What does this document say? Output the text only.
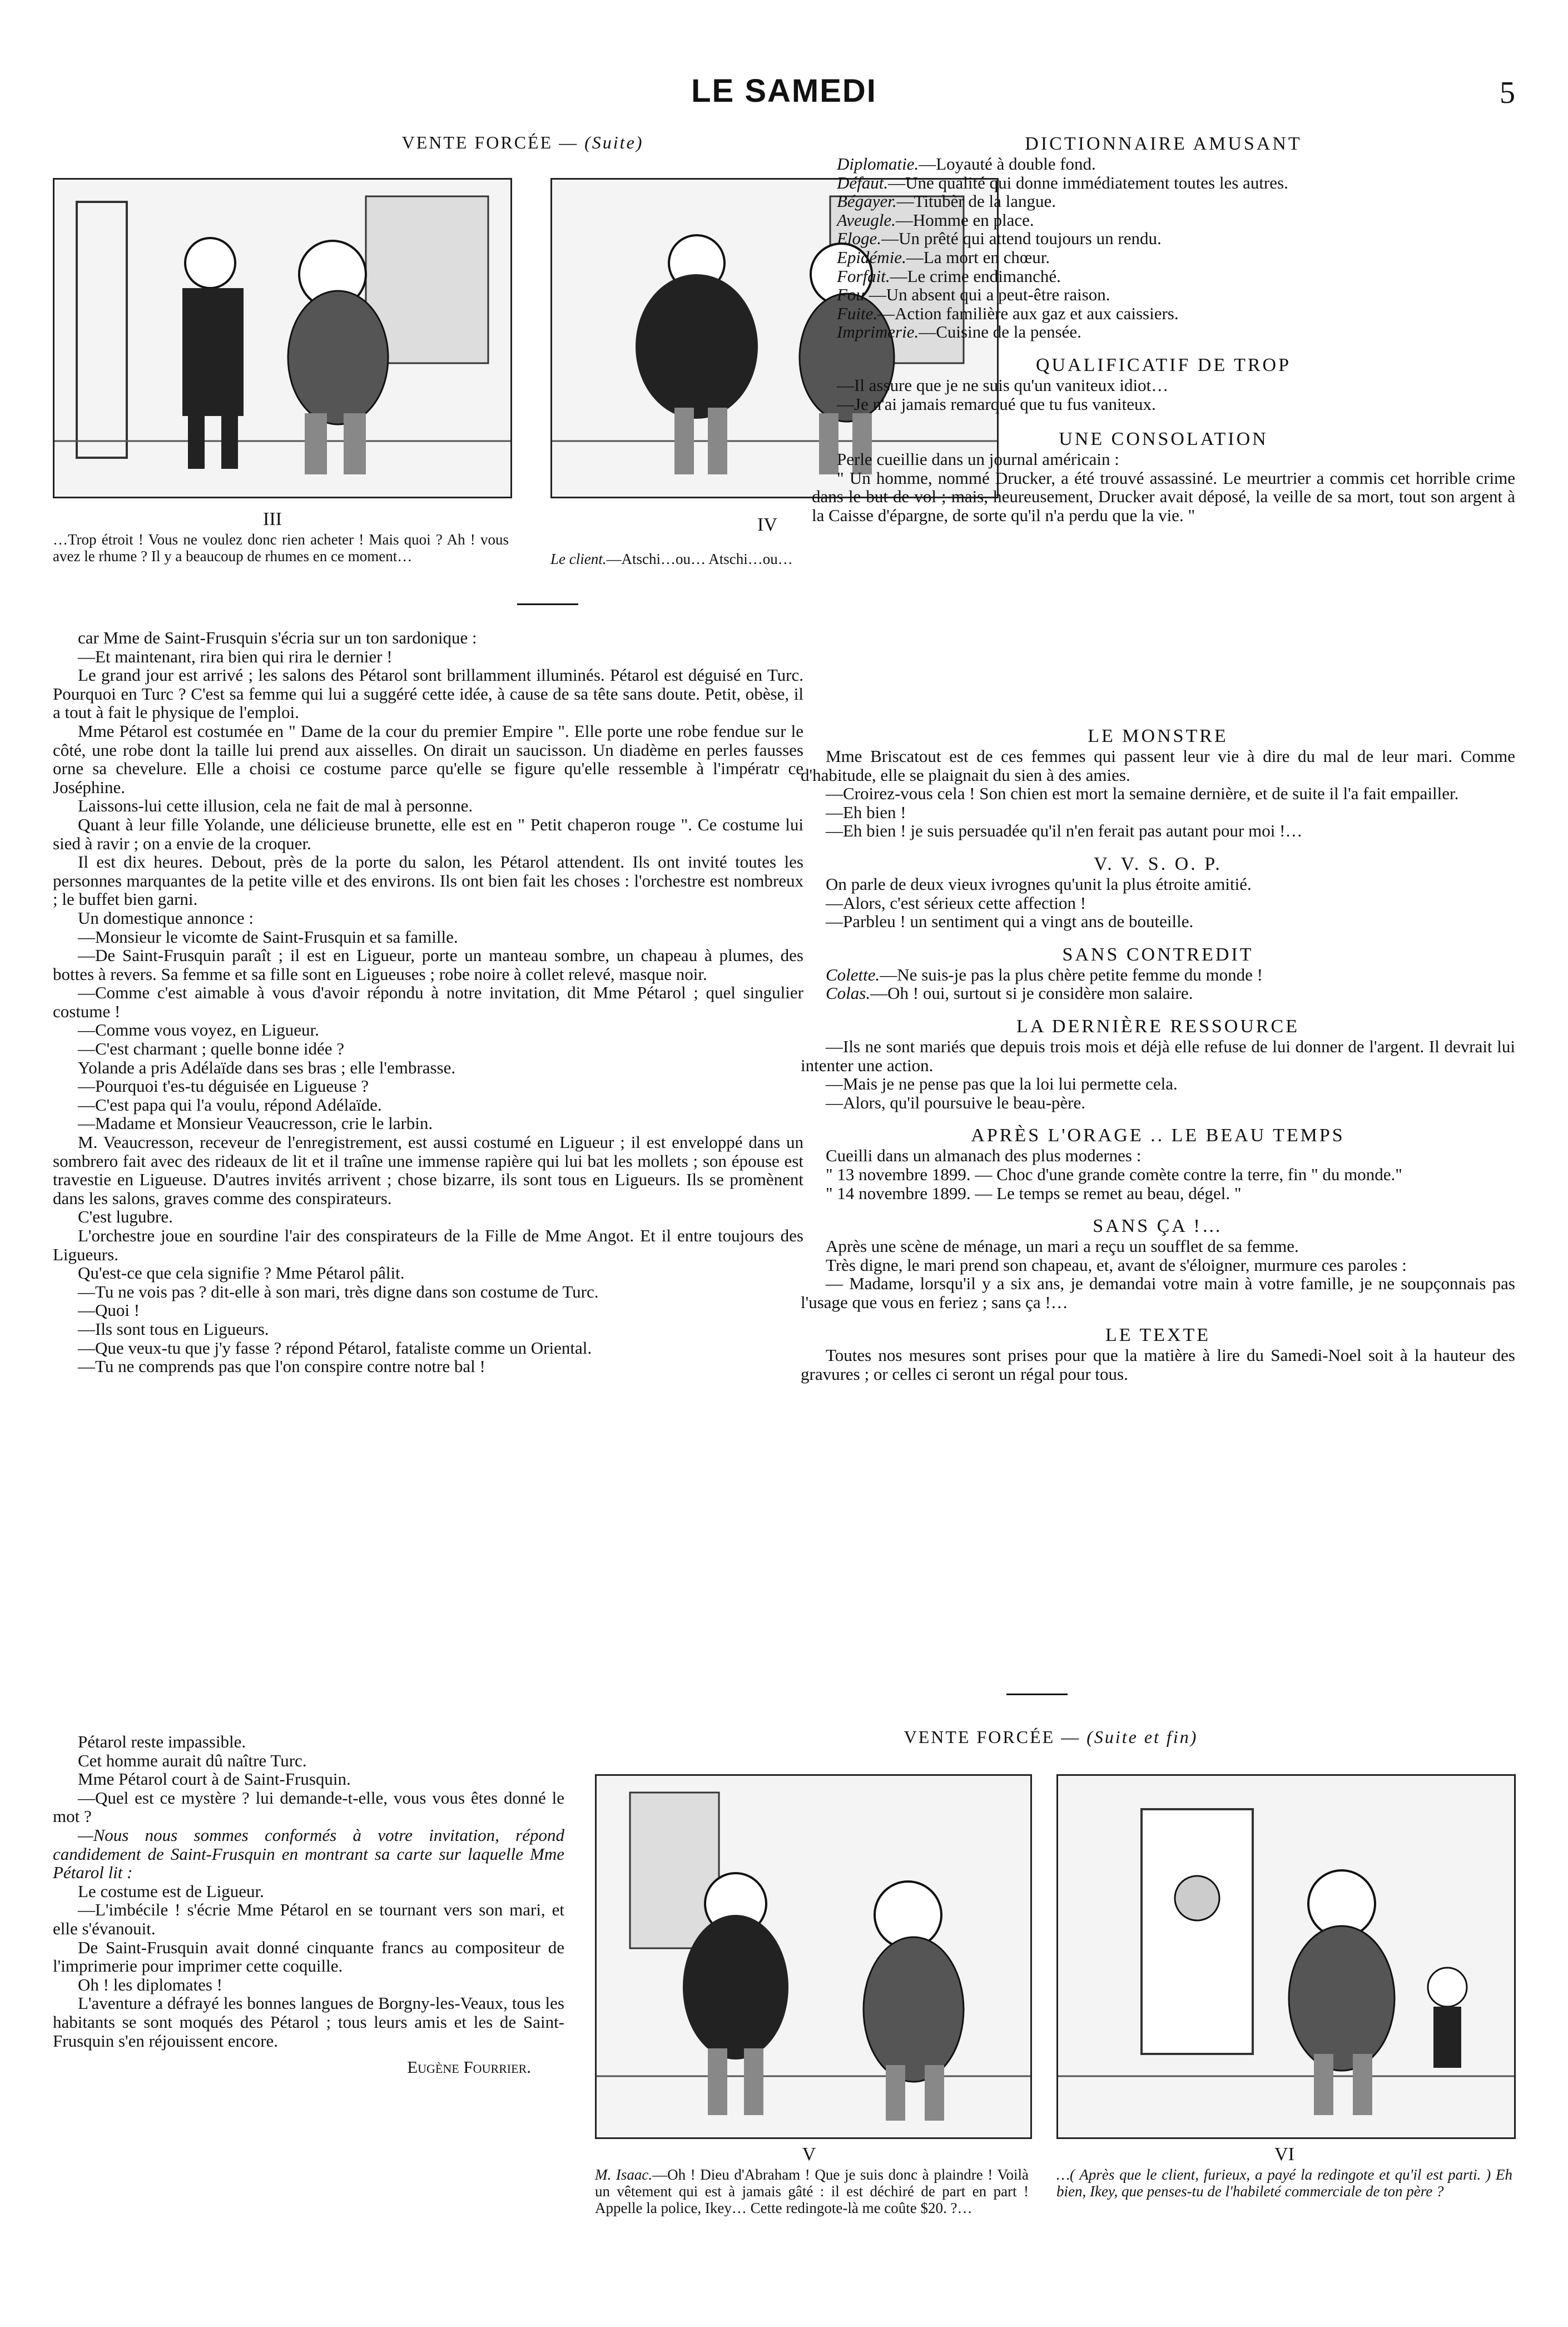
LE SAMEDI	5
VENTE FORCÉE — (Suite)
III
…Trop étroit ! Vous ne voulez donc rien acheter ! Mais quoi ? Ah ! vous avez le rhume ? Il y a beaucoup de rhumes en ce moment…
IV
Le client.—Atschi…ou… Atschi…ou…

car Mme de Saint-Frusquin s'écria sur un ton sardonique :

—Et maintenant, rira bien qui rira le dernier !

Le grand jour est arrivé ; les salons des Pétarol sont brillamment illuminés. Pétarol est déguisé en Turc. Pourquoi en Turc ? C'est sa femme qui lui a suggéré cette idée, à cause de sa tête sans doute. Petit, obèse, il a tout à fait le physique de l'emploi.

Mme Pétarol est costumée en " Dame de la cour du premier Empire ". Elle porte une robe fendue sur le côté, une robe dont la taille lui prend aux aisselles. On dirait un saucisson. Un diadème en perles fausses orne sa chevelure. Elle a choisi ce costume parce qu'elle se figure qu'elle ressemble à l'impératr ce Joséphine.

Laissons-lui cette illusion, cela ne fait de mal à personne.

Quant à leur fille Yolande, une délicieuse brunette, elle est en " Petit chaperon rouge ". Ce costume lui sied à ravir ; on a envie de la croquer.

Il est dix heures. Debout, près de la porte du salon, les Pétarol attendent. Ils ont invité toutes les personnes marquantes de la petite ville et des environs. Ils ont bien fait les choses : l'orchestre est nombreux ; le buffet bien garni.

Un domestique annonce :

—Monsieur le vicomte de Saint-Frusquin et sa famille.

—De Saint-Frusquin paraît ; il est en Ligueur, porte un manteau sombre, un chapeau à plumes, des bottes à revers. Sa femme et sa fille sont en Ligueuses ; robe noire à collet relevé, masque noir.

—Comme c'est aimable à vous d'avoir répondu à notre invitation, dit Mme Pétarol ; quel singulier costume !

—Comme vous voyez, en Ligueur.

—C'est charmant ; quelle bonne idée ?

Yolande a pris Adélaïde dans ses bras ; elle l'embrasse.

—Pourquoi t'es-tu déguisée en Ligueuse ?

—C'est papa qui l'a voulu, répond Adélaïde.

—Madame et Monsieur Veaucresson, crie le larbin.

M. Veaucresson, receveur de l'enregistrement, est aussi costumé en Ligueur ; il est enveloppé dans un sombrero fait avec des rideaux de lit et il traîne une immense rapière qui lui bat les mollets ; son épouse est travestie en Ligueuse. D'autres invités arrivent ; chose bizarre, ils sont tous en Ligueurs. Ils se promènent dans les salons, graves comme des conspirateurs.

C'est lugubre.

L'orchestre joue en sourdine l'air des conspirateurs de la Fille de Mme Angot. Et il entre toujours des Ligueurs.

Qu'est-ce que cela signifie ? Mme Pétarol pâlit.

—Tu ne vois pas ? dit-elle à son mari, très digne dans son costume de Turc.

—Quoi !

—Ils sont tous en Ligueurs.

—Que veux-tu que j'y fasse ? répond Pétarol, fataliste comme un Oriental.

—Tu ne comprends pas que l'on conspire contre notre bal !

Pétarol reste impassible.

Cet homme aurait dû naître Turc.

Mme Pétarol court à de Saint-Frusquin.

—Quel est ce mystère ? lui demande-t-elle, vous vous êtes donné le mot ?

—Nous nous sommes conformés à votre invitation, répond candidement de Saint-Frusquin en montrant sa carte sur laquelle Mme Pétarol lit :

Le costume est de Ligueur.

—L'imbécile ! s'écrie Mme Pétarol en se tournant vers son mari, et elle s'évanouit.

De Saint-Frusquin avait donné cinquante francs au compositeur de l'imprimerie pour imprimer cette coquille.

Oh ! les diplomates !

L'aventure a défrayé les bonnes langues de Borgny-les-Veaux, tous les habitants se sont moqués des Pétarol ; tous leurs amis et les de Saint-Frusquin s'en réjouissent encore.

Eugène Fourrier.

DICTIONNAIRE AMUSANT

Diplomatie.—Loyauté à double fond.

Défaut.—Une qualité qui donne immédiatement toutes les autres.

Bégayer.—Titubèr de la langue.

Aveugle.—Homme en place.

Eloge.—Un prêté qui attend toujours un rendu.

Epidémie.—La mort en chœur.

Forfait.—Le crime endimanché.

Fou.—Un absent qui a peut-être raison.

Fuite.—Action familière aux gaz et aux caissiers.

Imprimerie.—Cuisine de la pensée.

QUALIFICATIF DE TROP

—Il assure que je ne suis qu'un vaniteux idiot…

—Je n'ai jamais remarqué que tu fus vaniteux.

UNE CONSOLATION

Perle cueillie dans un journal américain :

" Un homme, nommé Drucker, a été trouvé assassiné. Le meurtrier a commis cet horrible crime dans le but de vol ; mais, heureusement, Drucker avait déposé, la veille de sa mort, tout son argent à la Caisse d'épargne, de sorte qu'il n'a perdu que la vie. "

LE MONSTRE

Mme Briscatout est de ces femmes qui passent leur vie à dire du mal de leur mari. Comme d'habitude, elle se plaignait du sien à des amies.

—Croirez-vous cela ! Son chien est mort la semaine dernière, et de suite il l'a fait empailler.

—Eh bien !

—Eh bien ! je suis persuadée qu'il n'en ferait pas autant pour moi !…

V. V. S. O. P.

On parle de deux vieux ivrognes qu'unit la plus étroite amitié.

—Alors, c'est sérieux cette affection !

—Parbleu ! un sentiment qui a vingt ans de bouteille.

SANS CONTREDIT

Colette.—Ne suis-je pas la plus chère petite femme du monde !

Colas.—Oh ! oui, surtout si je considère mon salaire.

LA DERNIÈRE RESSOURCE

—Ils ne sont mariés que depuis trois mois et déjà elle refuse de lui donner de l'argent. Il devrait lui intenter une action.

—Mais je ne pense pas que la loi lui permette cela.

—Alors, qu'il poursuive le beau-père.

APRÈS L'ORAGE .. LE BEAU TEMPS

Cueilli dans un almanach des plus modernes :

" 13 novembre 1899. — Choc d'une grande comète contre la terre, fin " du monde."

" 14 novembre 1899. — Le temps se remet au beau, dégel. "

SANS ÇA !…

Après une scène de ménage, un mari a reçu un soufflet de sa femme.

Très digne, le mari prend son chapeau, et, avant de s'éloigner, murmure ces paroles :

— Madame, lorsqu'il y a six ans, je demandai votre main à votre famille, je ne soupçonnais pas l'usage que vous en feriez ; sans ça !…

LE TEXTE

Toutes nos mesures sont prises pour que la matière à lire du Samedi-Noel soit à la hauteur des gravures ; or celles ci seront un régal pour tous.

VENTE FORCÉE — (Suite et fin)
V
M. Isaac.—Oh ! Dieu d'Abraham ! Que je suis donc à plaindre ! Voilà un vêtement qui est à jamais gâté : il est déchiré de part en part ! Appelle la police, Ikey… Cette redingote-là me coûte $20. ?…
VI
…( Après que le client, furieux, a payé la redingote et qu'il est parti. ) Eh bien, Ikey, que penses-tu de l'habileté commerciale de ton père ?
